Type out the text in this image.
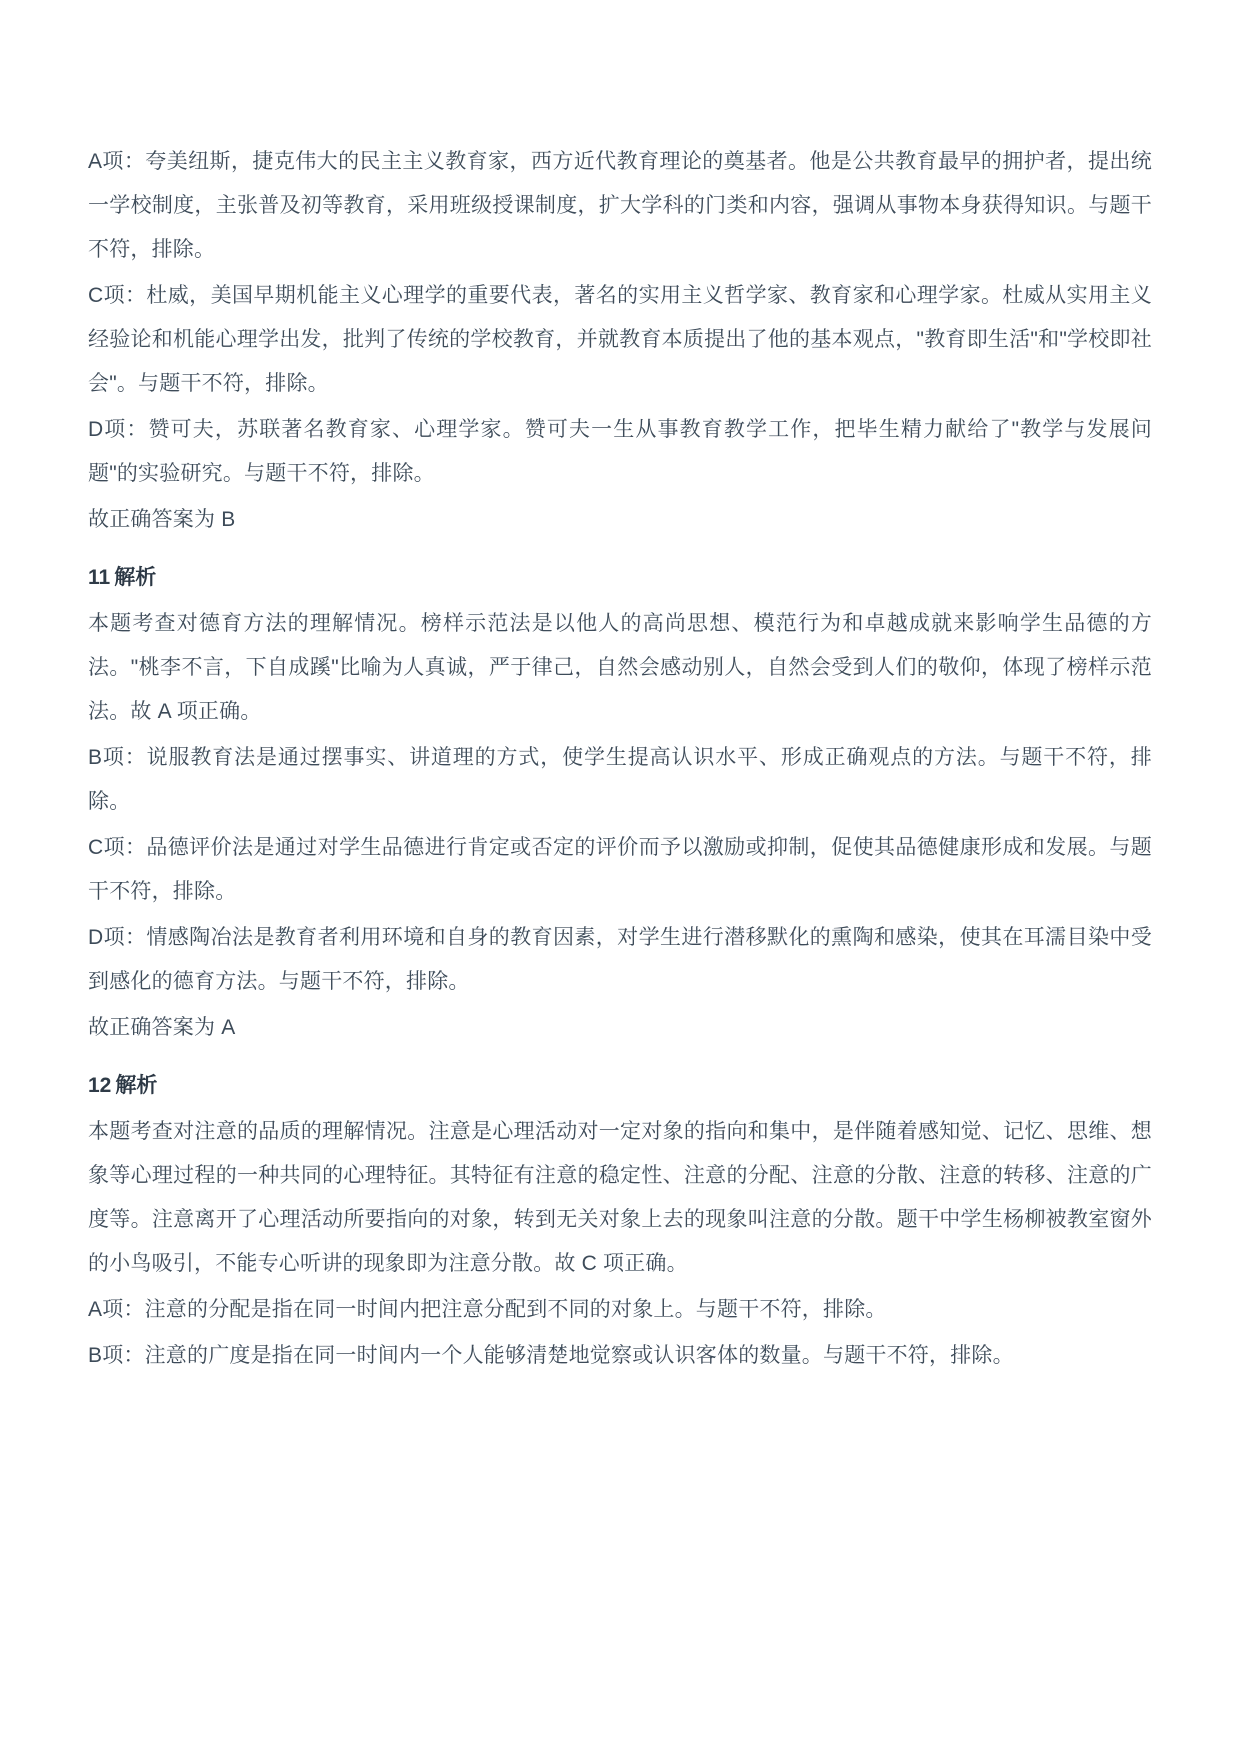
A项：夸美纽斯，捷克伟大的民主主义教育家，西方近代教育理论的奠基者。他是公共教育最早的拥护者，提出统一学校制度，主张普及初等教育，采用班级授课制度，扩大学科的门类和内容，强调从事物本身获得知识。与题干不符，排除。

C项：杜威，美国早期机能主义心理学的重要代表，著名的实用主义哲学家、教育家和心理学家。杜威从实用主义经验论和机能心理学出发，批判了传统的学校教育，并就教育本质提出了他的基本观点，"教育即生活"和"学校即社会"。与题干不符，排除。

D项：赞可夫，苏联著名教育家、心理学家。赞可夫一生从事教育教学工作，把毕生精力献给了"教学与发展问题"的实验研究。与题干不符，排除。

故正确答案为 B

11 解析

本题考查对德育方法的理解情况。榜样示范法是以他人的高尚思想、模范行为和卓越成就来影响学生品德的方法。"桃李不言，下自成蹊"比喻为人真诚，严于律己，自然会感动别人，自然会受到人们的敬仰，体现了榜样示范法。故 A 项正确。

B项：说服教育法是通过摆事实、讲道理的方式，使学生提高认识水平、形成正确观点的方法。与题干不符，排除。

C项：品德评价法是通过对学生品德进行肯定或否定的评价而予以激励或抑制，促使其品德健康形成和发展。与题干不符，排除。

D项：情感陶冶法是教育者利用环境和自身的教育因素，对学生进行潜移默化的熏陶和感染，使其在耳濡目染中受到感化的德育方法。与题干不符，排除。

故正确答案为 A

12 解析

本题考查对注意的品质的理解情况。注意是心理活动对一定对象的指向和集中，是伴随着感知觉、记忆、思维、想象等心理过程的一种共同的心理特征。其特征有注意的稳定性、注意的分配、注意的分散、注意的转移、注意的广度等。注意离开了心理活动所要指向的对象，转到无关对象上去的现象叫注意的分散。题干中学生杨柳被教室窗外的小鸟吸引，不能专心听讲的现象即为注意分散。故 C 项正确。

A项：注意的分配是指在同一时间内把注意分配到不同的对象上。与题干不符，排除。

B项：注意的广度是指在同一时间内一个人能够清楚地觉察或认识客体的数量。与题干不符，排除。
